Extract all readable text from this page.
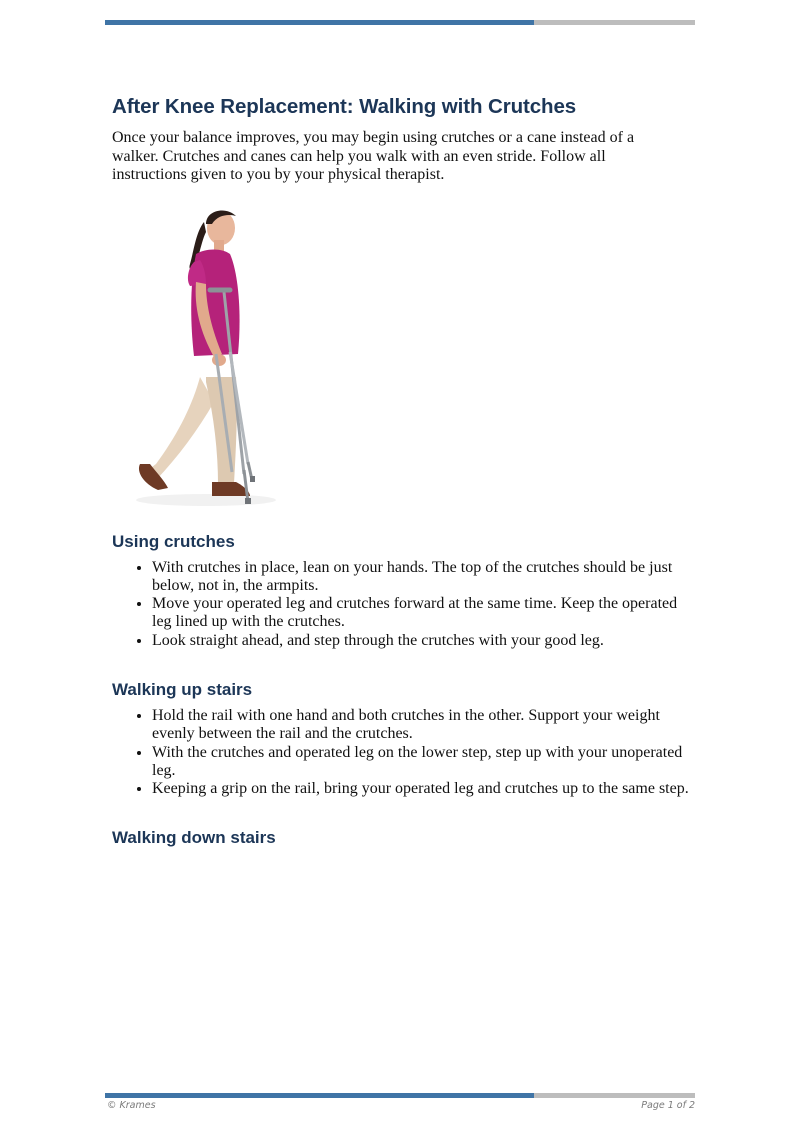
After Knee Replacement: Walking with Crutches

Once your balance improves, you may begin using crutches or a cane instead of a walker. Crutches and canes can help you walk with an even stride. Follow all instructions given to you by your physical therapist.

Using crutches
• With crutches in place, lean on your hands. The top of the crutches should be just below, not in, the armpits.
• Move your operated leg and crutches forward at the same time. Keep the operated leg lined up with the crutches.
• Look straight ahead, and step through the crutches with your good leg.
Walking up stairs
• Hold the rail with one hand and both crutches in the other. Support your weight evenly between the rail and the crutches.
• With the crutches and operated leg on the lower step, step up with your unoperated leg.
• Keeping a grip on the rail, bring your operated leg and crutches up to the same step.
Walking down stairs
© Krames	Page 1 of 2
